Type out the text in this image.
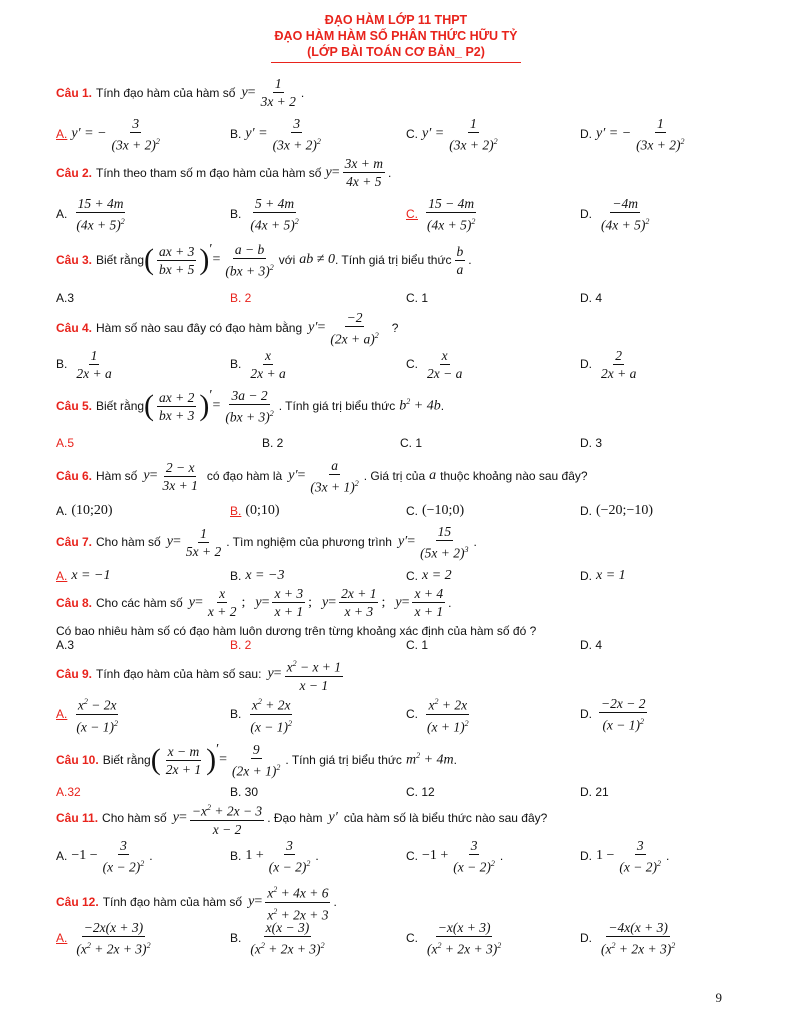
ĐẠO HÀM LỚP 11 THPT
ĐẠO HÀM HÀM SỐ PHÂN THỨC HỮU TỶ
(LỚP BÀI TOÁN CƠ BẢN_ P2)
Câu 1. Tính đạo hàm của hàm số $y = \frac{1}{3x + 2}$ .
A. y′ = − $\frac{3}{(3x + 2)^2}$	B. $y' = \frac{3}{(3x + 2)^2}$	C. $y' = \frac{1}{(3x + 2)^2}$	D. y′ = − $\frac{1}{(3x + 2)^2}$
Câu 2. Tính theo tham số m đạo hàm của hàm số $y = \frac{3x + m}{4x + 5}$ .
A. $\frac{15 + 4m}{(4x + 5)^2}$	B. $\frac{5 + 4m}{(4x + 5)^2}$	C. $\frac{15 - 4m}{(4x + 5)^2}$	D. $\frac{-4m}{(4x + 5)^2}$
Câu 3. Biết rằng ( $\frac{ax + 3}{bx + 5}$ ) ′
= $\frac{a - b}{(bx + 3)^2}$ với ab ≠ 0 . Tính giá trị biểu thức $\frac{b}{a}$ .
A.3	B. 2	C. 1	D. 4
Câu 4. Hàm số nào sau đây có đạo hàm bằng $y' = \frac{-2}{(2x + a)^2}$ ?
B. $\frac{1}{2x + a}$	B. $\frac{x}{2x + a}$	C. $\frac{x}{2x - a}$	D. $\frac{2}{2x + a}$
Câu 5. Biết rằng ( $\frac{ax + 2}{bx + 3}$ ) ′
= $\frac{3a - 2}{(bx + 3)^2}$ . Tính giá trị biểu thức $b^2 + 4b$ .
A.5	B. 2	C. 1	D. 3
Câu 6. Hàm số $y = \frac{2 - x}{3x + 1}$ có đạo hàm là $y' = \frac{a}{(3x + 1)^2}$ . Giá trị của a thuộc khoảng nào sau đây?
A. (10;20)	B. (0;10)	C. (−10;0)	D. (−20;−10)
Câu 7. Cho hàm số $y = \frac{1}{5x + 2}$ . Tìm nghiệm của phương trình $y' = \frac{15}{(5x + 2)^3}$ .
A. x = −1	B. x = −3	C. x = 2	D. x = 1
Câu 8. Cho các hàm số $y = \frac{x}{x + 2}$ ; $y = \frac{x + 3}{x + 1}$ ; $y = \frac{2x + 1}{x + 3}$ ; $y = \frac{x + 4}{x + 1}$ .
Có bao nhiêu hàm số có đạo hàm luôn dương trên từng khoảng xác định của hàm số đó ?
A.3	B. 2	C. 1	D. 4
Câu 9. Tính đạo hàm của hàm số sau: $y = \frac{x^2 - x + 1}{x - 1}$
A. $\frac{x^2 - 2x}{(x - 1)^2}$	B. $\frac{x^2 + 2x}{(x - 1)^2}$	C. $\frac{x^2 + 2x}{(x + 1)^2}$	D. $\frac{-2x - 2}{(x - 1)^2}$
Câu 10. Biết rằng ( $\frac{x - m}{2x + 1}$ ) ′
= $\frac{9}{(2x + 1)^2}$ . Tính giá trị biểu thức $m^2 + 4m$ .
A.32	B. 30	C. 12	D. 21
Câu 11. Cho hàm số $y = \frac{-x^2 + 2x - 3}{x - 2}$ . Đạo hàm y′ của hàm số là biểu thức nào sau đây?
A. $-1 - \frac{3}{(x - 2)^2}$ .	B. $1 + \frac{3}{(x - 2)^2}$ .	C. $-1 + \frac{3}{(x - 2)^2}$ .	D. $1 - \frac{3}{(x - 2)^2}$ .
Câu 12. Tính đạo hàm của hàm số $y = \frac{x^2 + 4x + 6}{x^2 + 2x + 3}$ .
A. $\frac{-2x(x + 3)}{(x^2 + 2x + 3)^2}$	B. $\frac{x(x - 3)}{(x^2 + 2x + 3)^2}$	C. $\frac{-x(x + 3)}{(x^2 + 2x + 3)^2}$	D. $\frac{-4x(x + 3)}{(x^2 + 2x + 3)^2}$
9
